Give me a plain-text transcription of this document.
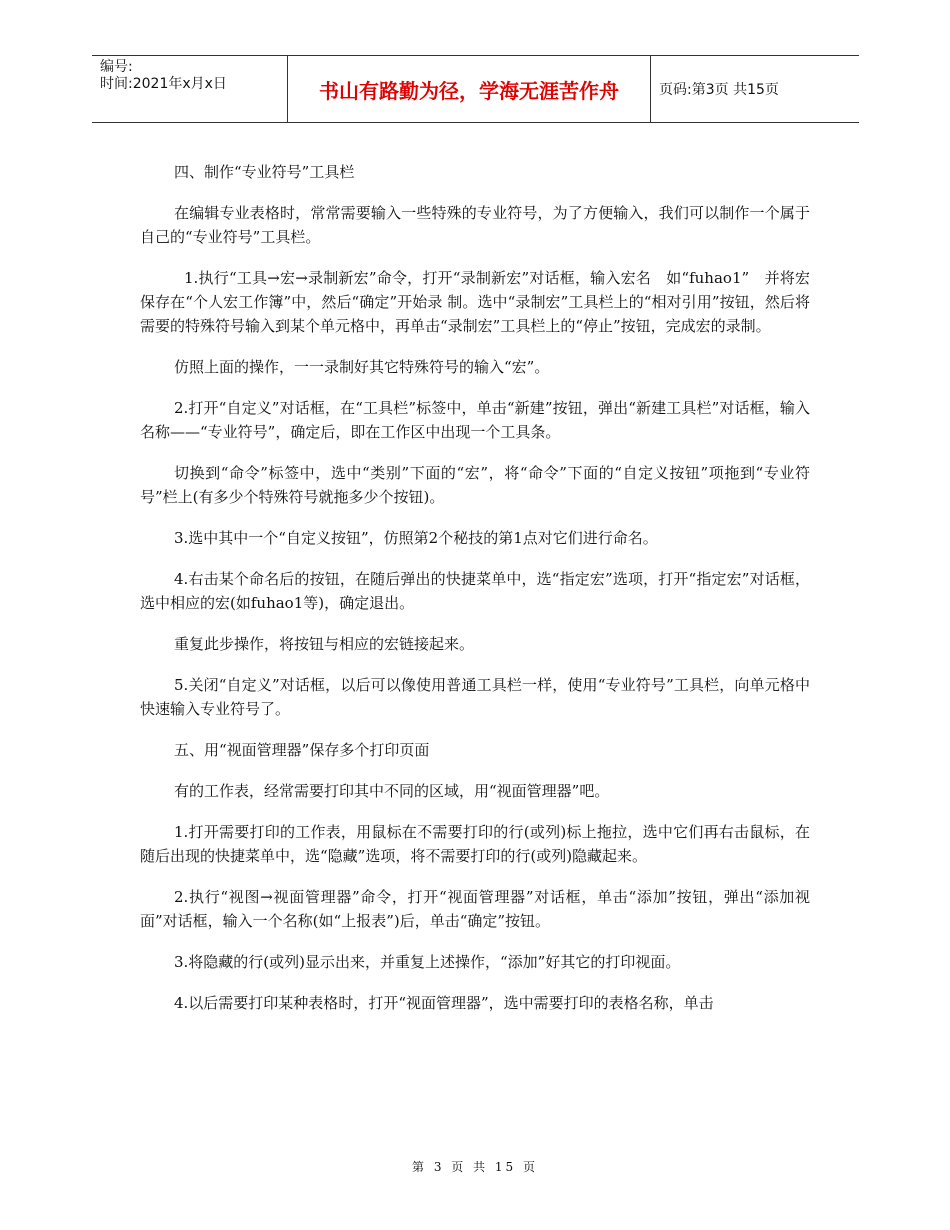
编号:
时间:2021年x月x日	书山有路勤为径，学海无涯苦作舟	页码:第3页 共15页

四、制作“专业符号”工具栏

在编辑专业表格时，常常需要输入一些特殊的专业符号，为了方便输入，我们可以制作一个属于自己的“专业符号”工具栏。

1.执行“工具→宏→录制新宏”命令，打开“录制新宏”对话框，输入宏名　如“fuhao1”　并将宏保存在“个人宏工作簿”中，然后“确定”开始录 制。选中“录制宏”工具栏上的“相对引用”按钮，然后将需要的特殊符号输入到某个单元格中，再单击“录制宏”工具栏上的“停止”按钮，完成宏的录制。

仿照上面的操作，一一录制好其它特殊符号的输入“宏”。

2.打开“自定义”对话框，在“工具栏”标签中，单击“新建”按钮，弹出“新建工具栏”对话框，输入名称——“专业符号”，确定后，即在工作区中出现一个工具条。

切换到“命令”标签中，选中“类别”下面的“宏”，将“命令”下面的“自定义按钮”项拖到“专业符号”栏上(有多少个特殊符号就拖多少个按钮)。

3.选中其中一个“自定义按钮”，仿照第2个秘技的第1点对它们进行命名。

4.右击某个命名后的按钮，在随后弹出的快捷菜单中，选“指定宏”选项，打开“指定宏”对话框，选中相应的宏(如fuhao1等)，确定退出。

重复此步操作，将按钮与相应的宏链接起来。

5.关闭“自定义”对话框，以后可以像使用普通工具栏一样，使用“专业符号”工具栏，向单元格中快速输入专业符号了。

五、用“视面管理器”保存多个打印页面

有的工作表，经常需要打印其中不同的区域，用“视面管理器”吧。

1.打开需要打印的工作表，用鼠标在不需要打印的行(或列)标上拖拉，选中它们再右击鼠标，在随后出现的快捷菜单中，选“隐藏”选项，将不需要打印的行(或列)隐藏起来。

2.执行“视图→视面管理器”命令，打开“视面管理器”对话框，单击“添加”按钮，弹出“添加视面”对话框，输入一个名称(如“上报表”)后，单击“确定”按钮。

3.将隐藏的行(或列)显示出来，并重复上述操作，“添加”好其它的打印视面。

4.以后需要打印某种表格时，打开“视面管理器”，选中需要打印的表格名称，单击

第 3 页 共 15 页
